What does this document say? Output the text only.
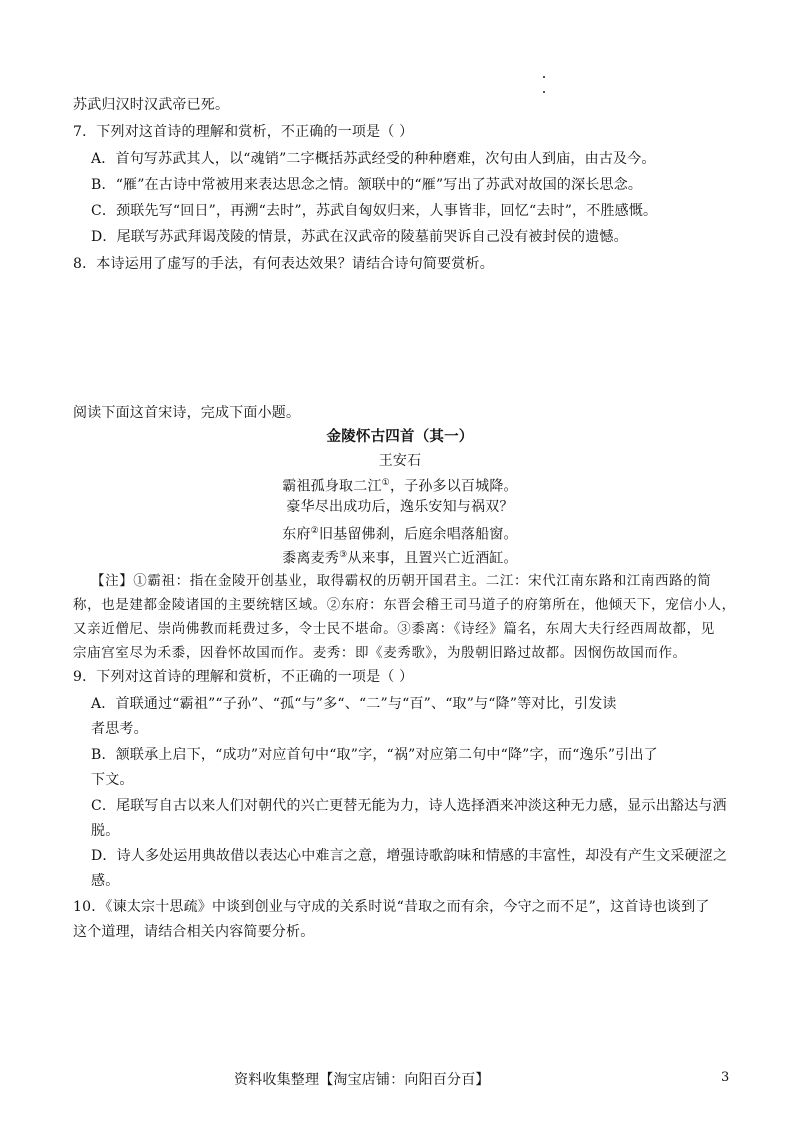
苏武归汉时汉武帝已死。
7．下列对这首诗的理解和赏析，不正确的一项是（ ）
A．首句写苏武其人，以“魂销”二字概括苏武经受的种种磨难，次句由人到庙，由古及今。
B．“雁”在古诗中常被用来表达思念之情。颔联中的“雁”写出了苏武对故国的深长思念。
C．颈联先写“回日”，再溯“去时”，苏武自匈奴归来，人事皆非，回忆“去时”，不胜感慨。
D．尾联写苏武拜谒茂陵的情景，苏武在汉武帝的陵墓前哭诉自己没有被封侯的遗憾。
8．本诗运用了虚写的手法，有何表达效果？请结合诗句简要赏析。
阅读下面这首宋诗，完成下面小题。
金陵怀古四首（其一）
王安石
霸祖孤身取二江①，子孙多以百城降。
豪华尽出成功后，逸乐安知与祸双？
东府②旧基留佛刹，后庭余唱落船窗。
黍离麦秀③从来事，且置兴亡近酒缸。
【注】①霸祖：指在金陵开创基业，取得霸权的历朝开国君主。二江：宋代江南东路和江南西路的简
称，也是建都金陵诸国的主要统辖区域。②东府：东晋会稽王司马道子的府第所在，他倾天下，宠信小人，
又亲近僧尼、崇尚佛教而耗费过多，令士民不堪命。③黍离：《诗经》篇名，东周大夫行经西周故都，见
宗庙宫室尽为禾黍，因眷怀故国而作。麦秀：即《麦秀歌》，为殷朝旧路过故都。因悯伤故国而作。
9．下列对这首诗的理解和赏析，不正确的一项是（ ）
A．首联通过“霸祖”“子孙”、“孤“与”多“、“二”与“百”、“取”与“降”等对比，引发读
者思考。
B．颔联承上启下，“成功”对应首句中“取”字，“祸”对应第二句中“降”字，而“逸乐”引出了
下文。
C．尾联写自古以来人们对朝代的兴亡更替无能为力，诗人选择酒来冲淡这种无力感，显示出豁达与洒
脱。
D．诗人多处运用典故借以表达心中难言之意，增强诗歌韵味和情感的丰富性，却没有产生文采硬涩之
感。
10．《谏太宗十思疏》中谈到创业与守成的关系时说“昔取之而有余，今守之而不足”，这首诗也谈到了
这个道理，请结合相关内容简要分析。
资料收集整理【淘宝店铺：向阳百分百】	3
